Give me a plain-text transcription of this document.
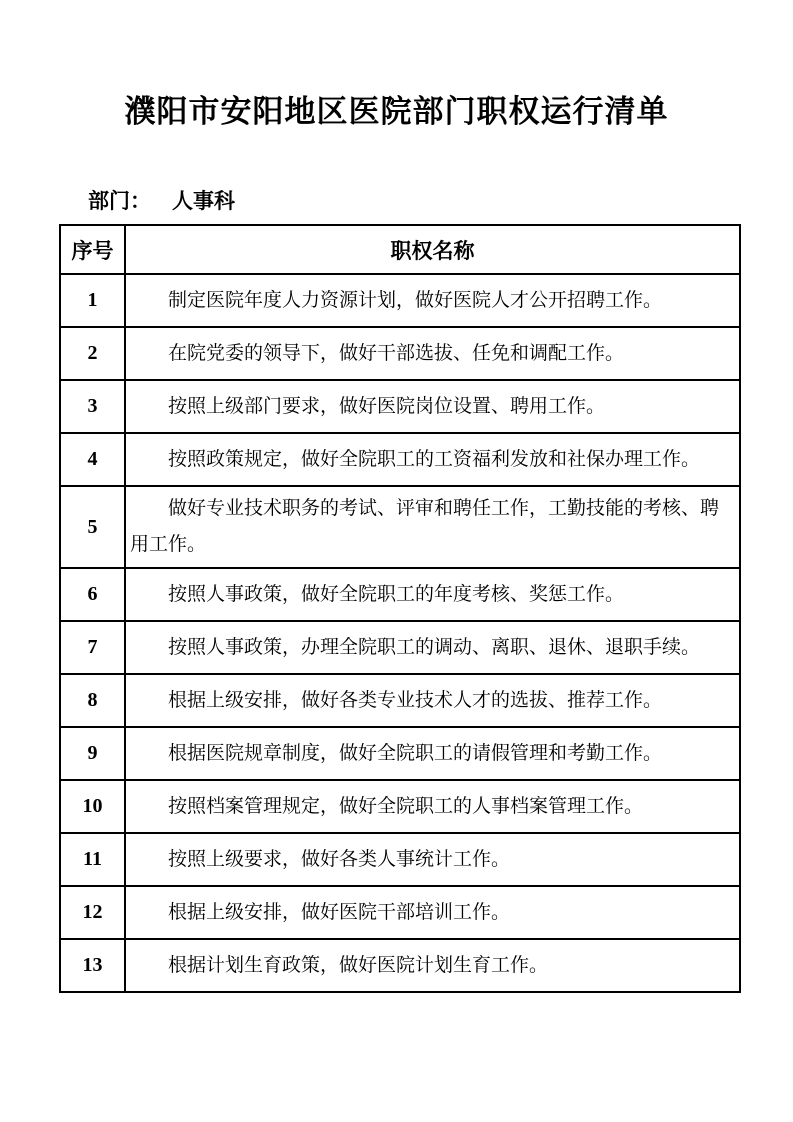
濮阳市安阳地区医院部门职权运行清单
部门： 人事科
序号	职权名称
1	制定医院年度人力资源计划，做好医院人才公开招聘工作。
2	在院党委的领导下，做好干部选拔、任免和调配工作。
3	按照上级部门要求，做好医院岗位设置、聘用工作。
4	按照政策规定，做好全院职工的工资福利发放和社保办理工作。
5	做好专业技术职务的考试、评审和聘任工作，工勤技能的考核、聘用工作。
6	按照人事政策，做好全院职工的年度考核、奖惩工作。
7	按照人事政策，办理全院职工的调动、离职、退休、退职手续。
8	根据上级安排，做好各类专业技术人才的选拔、推荐工作。
9	根据医院规章制度，做好全院职工的请假管理和考勤工作。
10	按照档案管理规定，做好全院职工的人事档案管理工作。
11	按照上级要求，做好各类人事统计工作。
12	根据上级安排，做好医院干部培训工作。
13	根据计划生育政策，做好医院计划生育工作。
